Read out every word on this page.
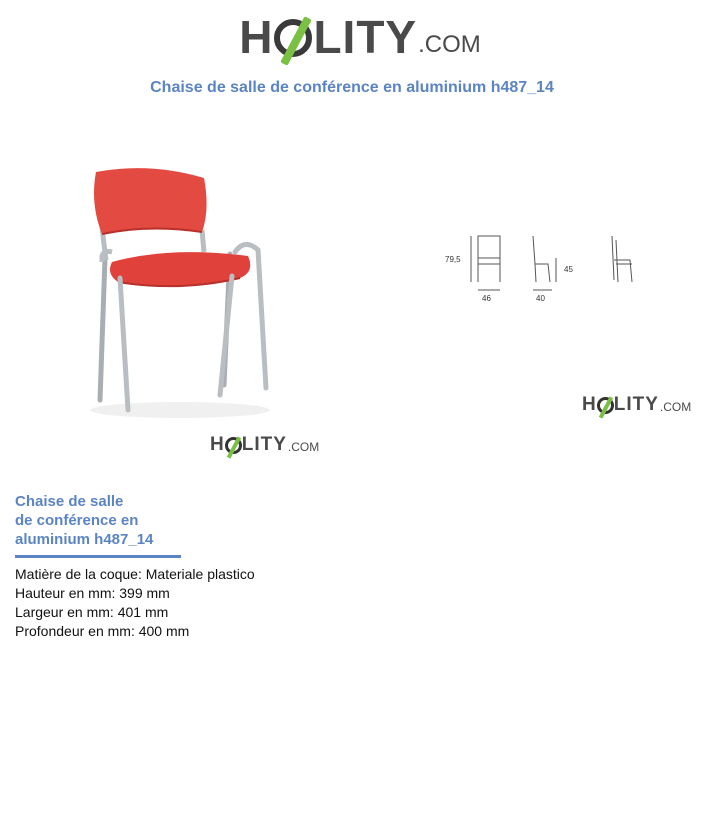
H LITY .COM
Chaise de salle de conférence en aluminium h487_14
79,5
45
46	40
H LITY .COM
H LITY .COM
Chaise de salle
de conférence en
aluminium h487_14
Matière de la coque: Materiale plastico
Hauteur en mm: 399 mm
Largeur en mm: 401 mm
Profondeur en mm: 400 mm
